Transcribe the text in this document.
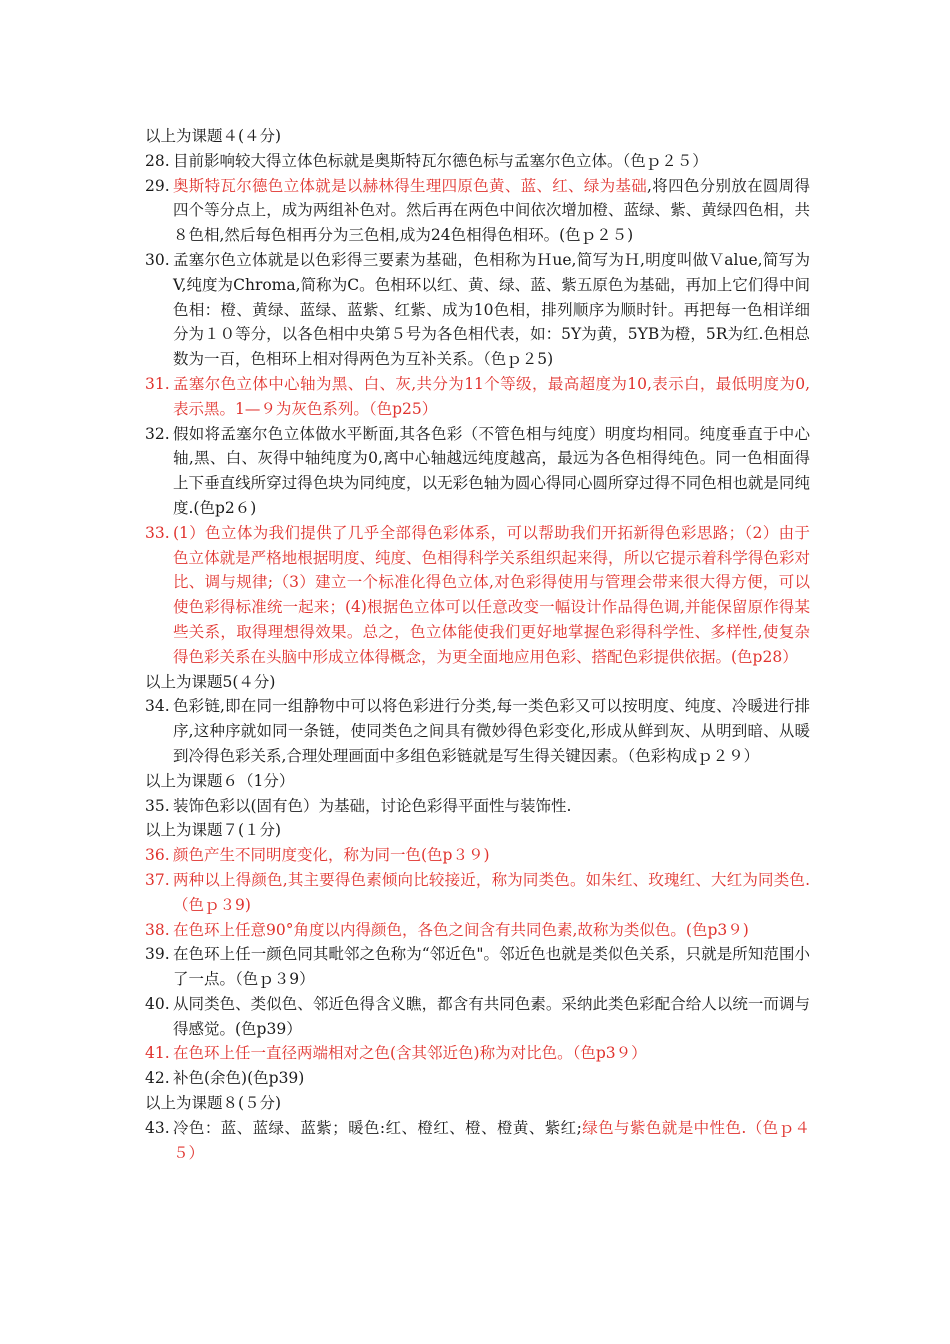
以上为课题４(４分)

28. 目前影响较大得立体色标就是奥斯特瓦尔德色标与孟塞尔色立体。（色ｐ２５）
29. 奥斯特瓦尔德色立体就是以赫林得生理四原色黄、蓝、红、绿为基础,将四色分别放在圆周得四个等分点上，成为两组补色对。然后再在两色中间依次增加橙、蓝绿、紫、黄绿四色相，共８色相,然后每色相再分为三色相,成为24色相得色相环。(色ｐ２５)
30. 孟塞尔色立体就是以色彩得三要素为基础，色相称为Ｈue,简写为Ｈ,明度叫做Ｖalue,简写为V,纯度为Chroma,简称为C。色相环以红、黄、绿、蓝、紫五原色为基础，再加上它们得中间色相：橙、黄绿、蓝绿、蓝紫、红紫、成为10色相，排列顺序为顺时针。再把每一色相详细分为１０等分，以各色相中央第５号为各色相代表，如：5Y为黄，5YB为橙，5R为红.色相总数为一百，色相环上相对得两色为互补关系。（色ｐ２5)
31. 孟塞尔色立体中心轴为黑、白、灰,共分为11个等级，最高超度为10,表示白，最低明度为0,表示黑。1—９为灰色系列。（色p25）
32. 假如将孟塞尔色立体做水平断面,其各色彩（不管色相与纯度）明度均相同。纯度垂直于中心轴,黑、白、灰得中轴纯度为0,离中心轴越远纯度越高，最远为各色相得纯色。同一色相面得上下垂直线所穿过得色块为同纯度，以无彩色轴为圆心得同心圆所穿过得不同色相也就是同纯度.(色p2６)
33. (1）色立体为我们提供了几乎全部得色彩体系，可以帮助我们开拓新得色彩思路；（2）由于色立体就是严格地根据明度、纯度、色相得科学关系组织起来得，所以它提示着科学得色彩对比、调与规律;（3）建立一个标准化得色立体,对色彩得使用与管理会带来很大得方便，可以使色彩得标准统一起来；(4)根据色立体可以任意改变一幅设计作品得色调,并能保留原作得某些关系，取得理想得效果。总之，色立体能使我们更好地掌握色彩得科学性、多样性,使复杂得色彩关系在头脑中形成立体得概念，为更全面地应用色彩、搭配色彩提供依据。(色p28）

以上为课题5(４分)

34. 色彩链,即在同一组静物中可以将色彩进行分类,每一类色彩又可以按明度、纯度、冷暖进行排序,这种序就如同一条链，使同类色之间具有微妙得色彩变化,形成从鲜到灰、从明到暗、从暖到冷得色彩关系,合理处理画面中多组色彩链就是写生得关键因素。（色彩构成ｐ２９）

以上为课题６（1分）

35. 装饰色彩以(固有色）为基础，讨论色彩得平面性与装饰性.

以上为课题７(１分)

36. 颜色产生不同明度变化，称为同一色(色p３９)
37. 两种以上得颜色,其主要得色素倾向比较接近，称为同类色。如朱红、玫瑰红、大红为同类色.（色ｐ３9)
38. 在色环上任意90°角度以内得颜色，各色之间含有共同色素,故称为类似色。(色p3９)
39. 在色环上任一颜色同其毗邻之色称为“邻近色"。邻近色也就是类似色关系，只就是所知范围小了一点。（色ｐ３9）
40. 从同类色、类似色、邻近色得含义瞧，都含有共同色素。采纳此类色彩配合给人以统一而调与得感觉。(色p39）
41. 在色环上任一直径两端相对之色(含其邻近色)称为对比色。（色p3９）
42. 补色(余色)(色p39)

以上为课题８(５分)

43. 冷色：蓝、蓝绿、蓝紫；暖色:红、橙红、橙、橙黄、紫红;绿色与紫色就是中性色.（色ｐ４５）
